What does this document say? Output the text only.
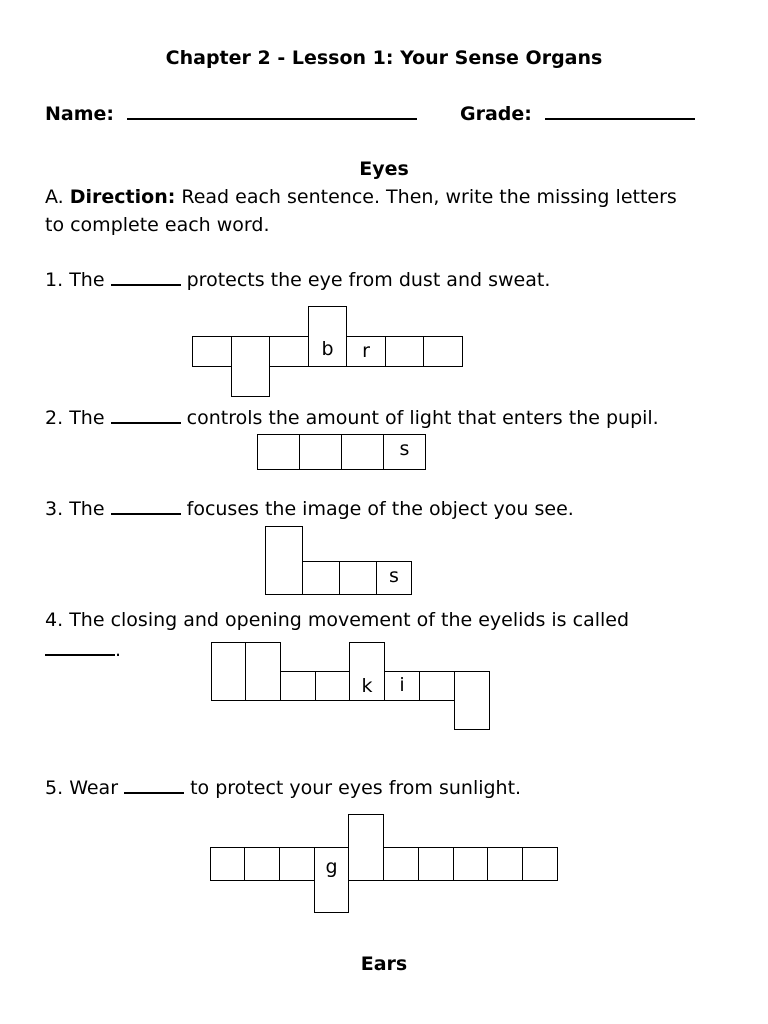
Chapter 2 - Lesson 1: Your Sense Organs
Name:	Grade:
Eyes
A. Direction: Read each sentence. Then, write the missing letters
to complete each word.
1. The	protects the eye from dust and sweat.
b	r
2. The	controls the amount of light that enters the pupil.
s
3. The	focuses the image of the object you see.
s
4. The closing and opening movement of the eyelids is called
.
k	i
5. Wear	to protect your eyes from sunlight.
g
Ears
